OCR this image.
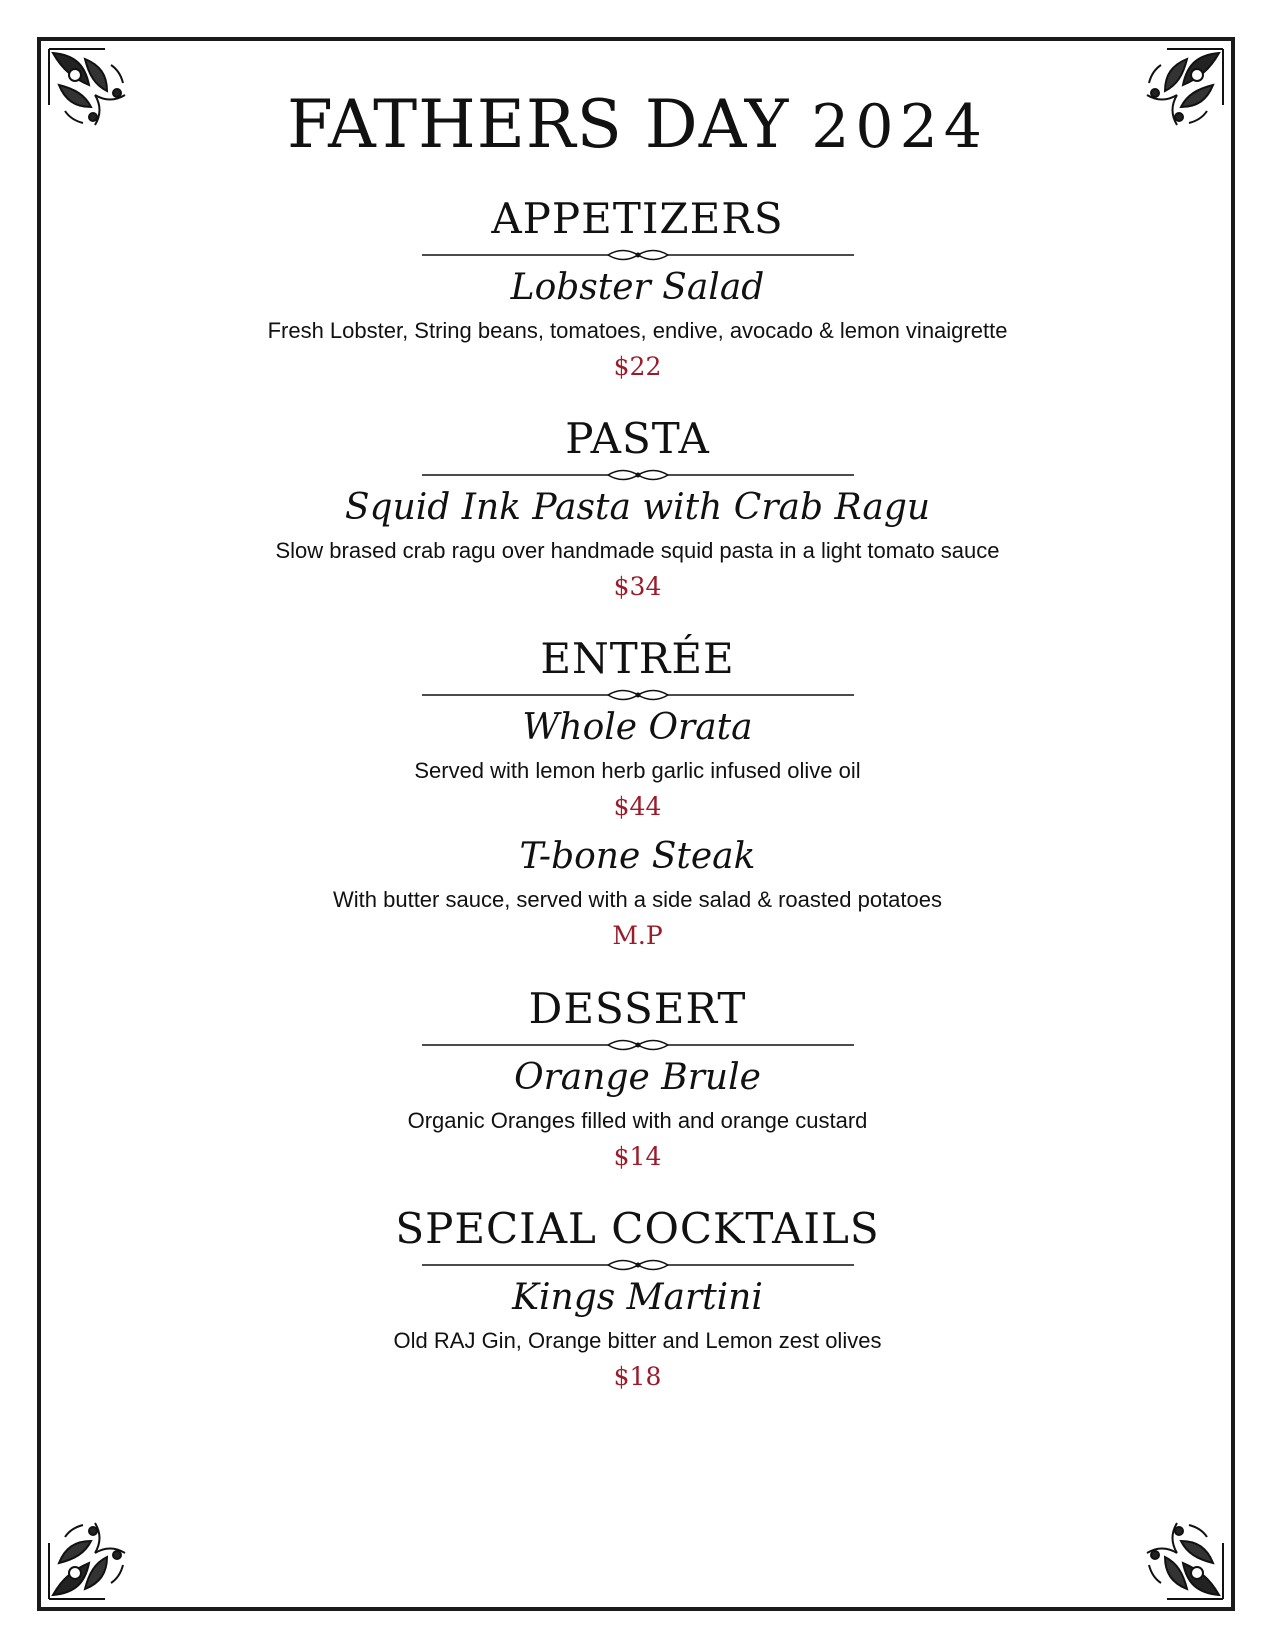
FATHERS DAY 2024
APPETIZERS
Lobster Salad
Fresh Lobster, String beans, tomatoes, endive, avocado & lemon vinaigrette
$22
PASTA
Squid Ink Pasta with Crab Ragu
Slow brased crab ragu over handmade squid pasta in a light tomato sauce
$34
ENTRÉE
Whole Orata
Served with lemon herb garlic infused olive oil
$44
T-bone Steak
With butter sauce, served with a side salad & roasted potatoes
M.P
DESSERT
Orange Brule
Organic Oranges filled with and orange custard
$14
SPECIAL COCKTAILS
Kings Martini
Old RAJ Gin, Orange bitter and Lemon zest olives
$18
